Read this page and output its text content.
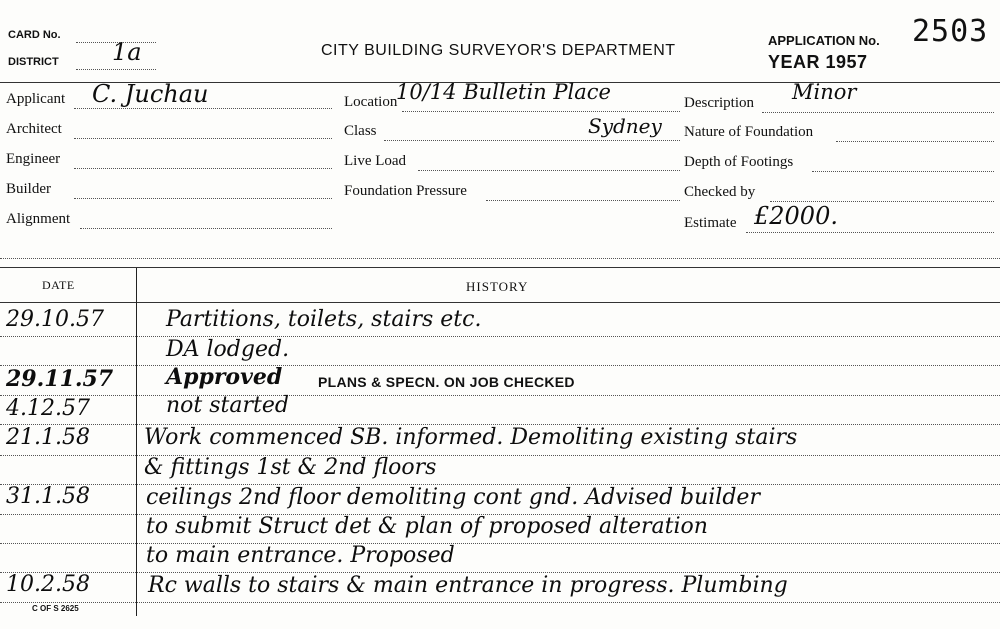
CARD No.
DISTRICT 1a	CITY BUILDING SURVEYOR'S DEPARTMENT
APPLICATION No. 2503
YEAR 1957
Applicant C. Juchau
Architect
Engineer
Builder
Alignment
Location
10/14 Bulletin Place
Class	Sydney
Live Load
Foundation Pressure
Description Minor
Nature of Foundation
Depth of Footings
Checked by
Estimate £2000.
DATE	HISTORY
29.10.57	Partitions, toilets, stairs etc.
DA lodged.
29.11.57 Approved	PLANS & SPECN. ON JOB CHECKED
4.12.57	not started
21.1.58 Work commenced SB. informed. Demoliting existing stairs
& fittings 1st & 2nd floors
31.1.58	ceilings 2nd floor demoliting cont gnd. Advised builder
to submit Struct det & plan of proposed alteration
to main entrance. Proposed
10.2.58	Rc walls to stairs & main entrance in progress. Plumbing
C OF S 2625
